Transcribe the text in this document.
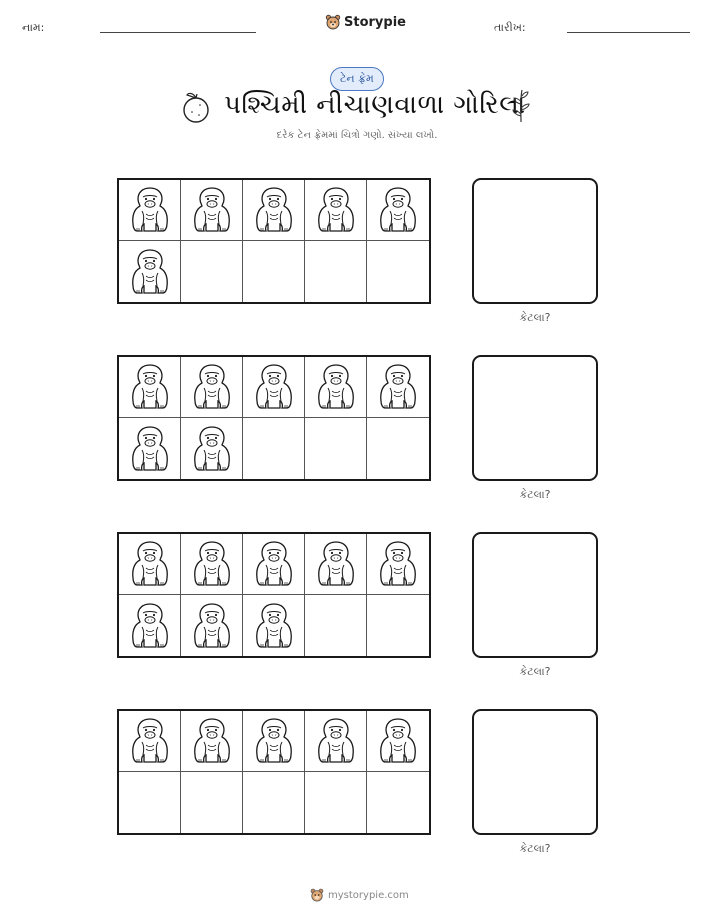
નામ:	Storypie	તારીખ:
ટેન ફ્રેમ
પશ્ચિમી નીચાણવાળા ગોરિલા
દરેક ટેન ફ્રેમમાં ચિત્રો ગણો. સંખ્યા લખો.
કેટલા?
કેટલા?
કેટલા?
કેટલા?
mystorypie.com
